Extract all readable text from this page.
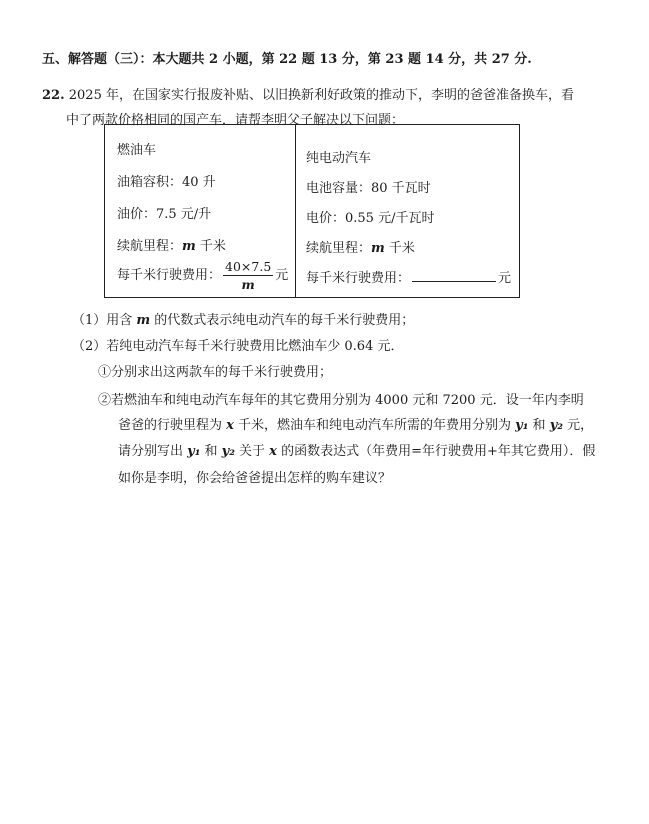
五、解答题（三）：本大题共 2 小题，第 22 题 13 分，第 23 题 14 分，共 27 分.
22. 2025 年，在国家实行报废补贴、以旧换新利好政策的推动下，李明的爸爸准备换车，看
中了两款价格相同的国产车．请帮李明父子解决以下问题：
燃油车
油箱容积：40 升
油价：7.5 元/升
续航里程：m 千米
每千米行驶费用： $\frac{40\times 7.5}{m}$ 元

纯电动汽车
电池容量：80 千瓦时
电价：0.55 元/千瓦时
续航里程：m 千米
每千米行驶费用：	元
（1）用含 m 的代数式表示纯电动汽车的每千米行驶费用；
（2）若纯电动汽车每千米行驶费用比燃油车少 0.64 元．
①分别求出这两款车的每千米行驶费用；
②若燃油车和纯电动汽车每年的其它费用分别为 4000 元和 7200 元．设一年内李明
爸爸的行驶里程为 x 千米，燃油车和纯电动汽车所需的年费用分别为 y₁ 和 y₂ 元，
请分别写出 y₁ 和 y₂ 关于 x 的函数表达式（年费用=年行驶费用+年其它费用）．假
如你是李明，你会给爸爸提出怎样的购车建议？
